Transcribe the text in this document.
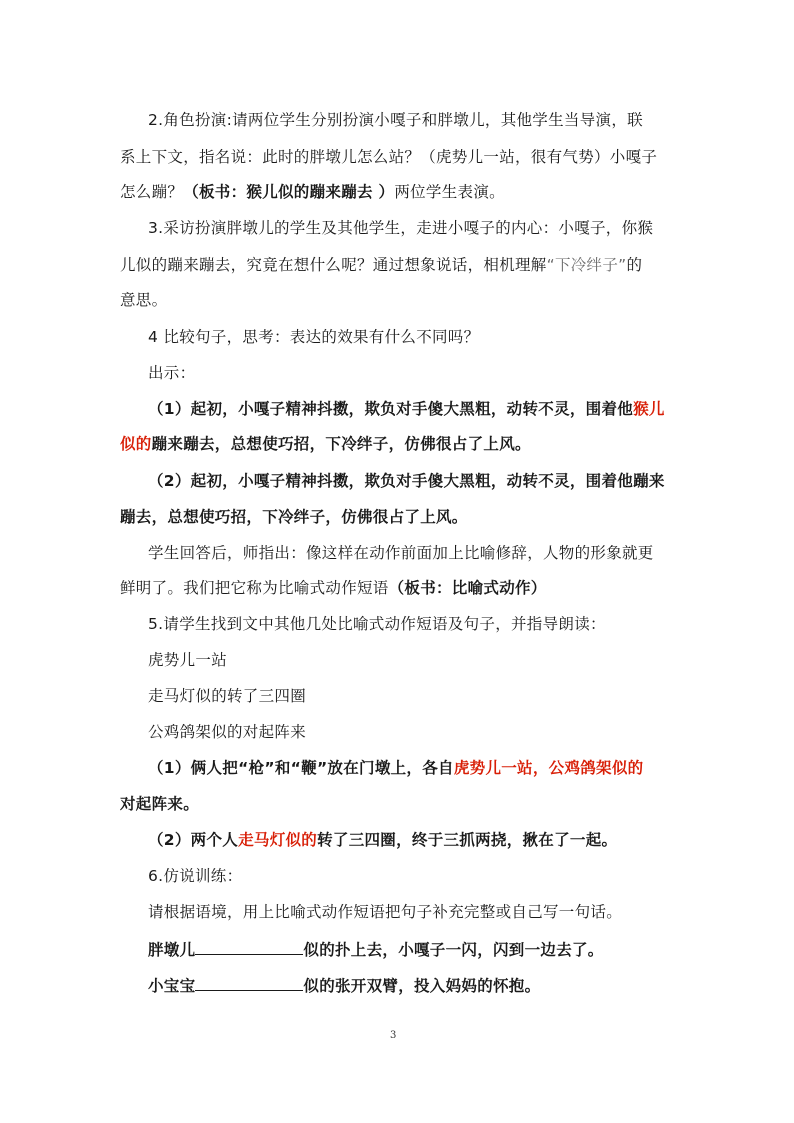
2.角色扮演:请两位学生分别扮演小嘎子和胖墩儿，其他学生当导演，联
系上下文，指名说：此时的胖墩儿怎么站？（虎势儿一站，很有气势）小嘎子
怎么蹦？（板书：猴儿似的蹦来蹦去 ）两位学生表演。
3.采访扮演胖墩儿的学生及其他学生，走进小嘎子的内心：小嘎子，你猴
儿似的蹦来蹦去，究竟在想什么呢？通过想象说话，相机理解“下冷绊子”的
意思。
4 比较句子，思考：表达的效果有什么不同吗？
出示：
（1）起初，小嘎子精神抖擞，欺负对手傻大黑粗，动转不灵，围着他猴儿
似的蹦来蹦去，总想使巧招，下冷绊子，仿佛很占了上风。
（2）起初，小嘎子精神抖擞，欺负对手傻大黑粗，动转不灵，围着他蹦来
蹦去，总想使巧招，下冷绊子，仿佛很占了上风。
学生回答后，师指出：像这样在动作前面加上比喻修辞，人物的形象就更
鲜明了。我们把它称为比喻式动作短语（板书：比喻式动作）
5.请学生找到文中其他几处比喻式动作短语及句子，并指导朗读：
虎势儿一站
走马灯似的转了三四圈
公鸡鸽架似的对起阵来
（1）俩人把“枪”和“鞭”放在门墩上，各自虎势儿一站，公鸡鸽架似的
对起阵来。
（2）两个人走马灯似的转了三四圈，终于三抓两挠，揪在了一起。
6.仿说训练：
请根据语境，用上比喻式动作短语把句子补充完整或自己写一句话。
胖墩儿	似的扑上去，小嘎子一闪，闪到一边去了。
小宝宝	似的张开双臂，投入妈妈的怀抱。
3
